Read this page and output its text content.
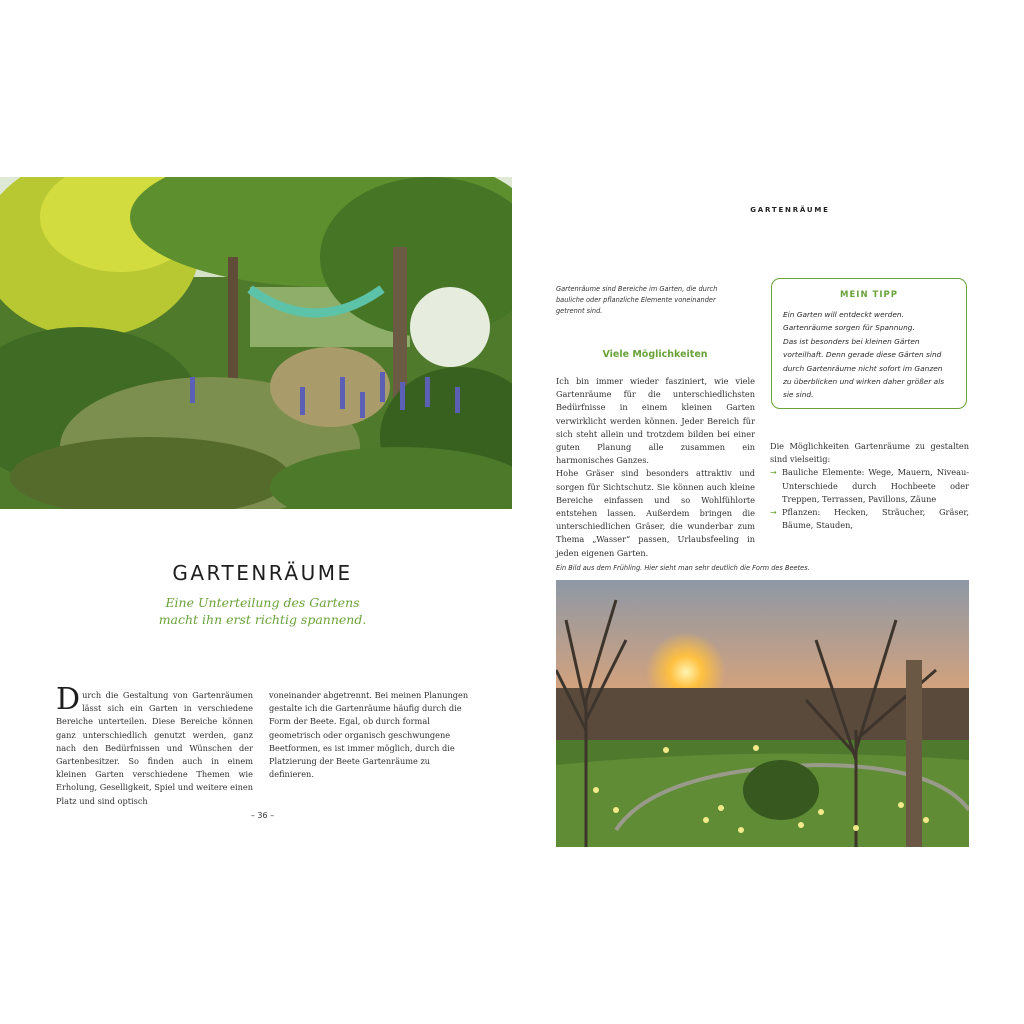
GARTENRÄUME
Eine Unterteilung des Gartens
macht ihn erst richtig spannend.
Durch die Gestaltung von Gartenräumen lässt sich ein Garten in verschiedene Bereiche unterteilen. Diese Bereiche können ganz unterschiedlich genutzt werden, ganz nach den Bedürfnissen und Wünschen der Gartenbesitzer. So finden auch in einem kleinen Garten verschiedene Themen wie Erholung, Geselligkeit, Spiel und weitere einen Platz und sind optisch
voneinander abgetrennt. Bei meinen Planungen gestalte ich die Gartenräume häufig durch die Form der Beete. Egal, ob durch formal geometrisch oder organisch geschwungene Beetformen, es ist immer möglich, durch die Platzierung der Beete Gartenräume zu definieren.
– 36 –
GARTENRÄUME
Gartenräume sind Bereiche im Garten, die durch bauliche oder pflanzliche Elemente voneinander getrennt sind.
Viele Möglichkeiten
Ich bin immer wieder fasziniert, wie viele Gartenräume für die unterschiedlichsten Bedürfnisse in einem kleinen Garten verwirklicht werden können. Jeder Bereich für sich steht allein und trotzdem bilden bei einer guten Planung alle zusammen ein harmonisches Ganzes.
Hohe Gräser sind besonders attraktiv und sorgen für Sichtschutz. Sie können auch kleine Bereiche einfassen und so Wohlfühlorte entstehen lassen. Außerdem bringen die unterschiedlichen Gräser, die wunderbar zum Thema „Wasser“ passen, Urlaubsfeeling in jeden eigenen Garten.
MEIN TIPP
Ein Garten will entdeckt werden. Gartenräume sorgen für Spannung.
Das ist besonders bei kleinen Gärten vorteilhaft. Denn gerade diese Gärten sind durch Gartenräume nicht sofort im Ganzen zu überblicken und wirken daher größer als sie sind.
Die Möglichkeiten Gartenräume zu gestalten sind vielseitig:
→ Bauliche Elemente: Wege, Mauern, Niveau-Unterschiede durch Hochbeete oder Treppen, Terrassen, Pavillons, Zäune
→ Pflanzen: Hecken, Sträucher, Gräser, Bäume, Stauden,
Ein Bild aus dem Frühling. Hier sieht man sehr deutlich die Form des Beetes.
